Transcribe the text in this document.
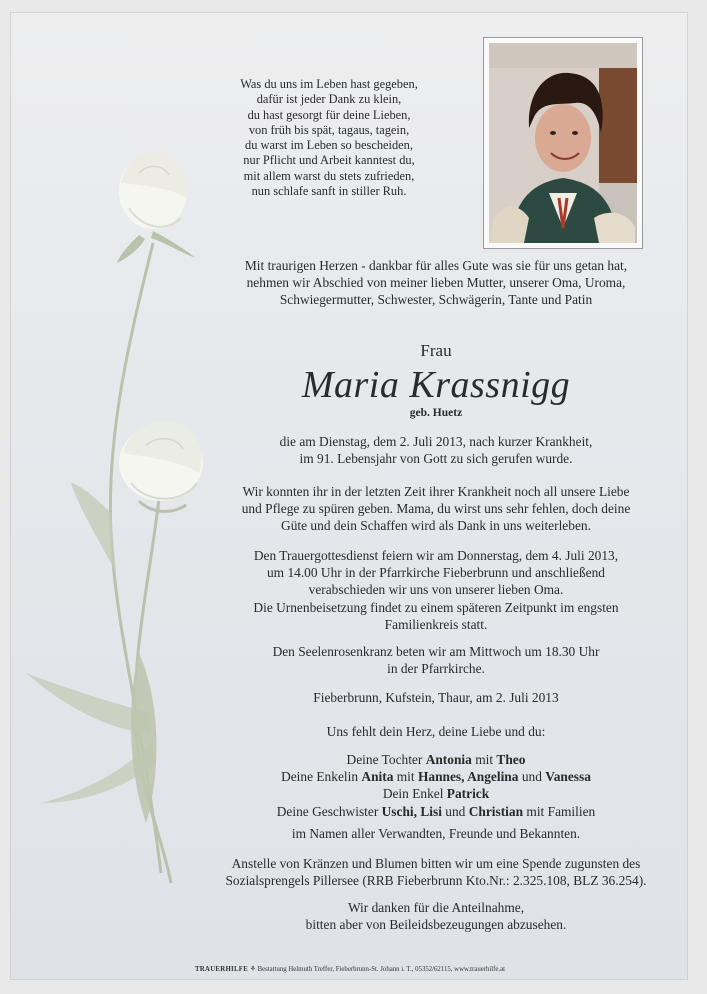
Was du uns im Leben hast gegeben,
dafür ist jeder Dank zu klein,
du hast gesorgt für deine Lieben,
von früh bis spät, tagaus, tagein,
du warst im Leben so bescheiden,
nur Pflicht und Arbeit kanntest du,
mit allem warst du stets zufrieden,
nun schlafe sanft in stiller Ruh.
Mit traurigen Herzen - dankbar für alles Gute was sie für uns getan hat,
nehmen wir Abschied von meiner lieben Mutter, unserer Oma, Uroma,
Schwiegermutter, Schwester, Schwägerin, Tante und Patin
Frau
Maria Krassnigg
geb. Huetz
die am Dienstag, dem 2. Juli 2013, nach kurzer Krankheit,
im 91. Lebensjahr von Gott zu sich gerufen wurde.
Wir konnten ihr in der letzten Zeit ihrer Krankheit noch all unsere Liebe
und Pflege zu spüren geben. Mama, du wirst uns sehr fehlen, doch deine
Güte und dein Schaffen wird als Dank in uns weiterleben.
Den Trauergottesdienst feiern wir am Donnerstag, dem 4. Juli 2013,
um 14.00 Uhr in der Pfarrkirche Fieberbrunn und anschließend
verabschieden wir uns von unserer lieben Oma.
Die Urnenbeisetzung findet zu einem späteren Zeitpunkt im engsten
Familienkreis statt.
Den Seelenrosenkranz beten wir am Mittwoch um 18.30 Uhr
in der Pfarrkirche.
Fieberbrunn, Kufstein, Thaur, am 2. Juli 2013
Uns fehlt dein Herz, deine Liebe und du:
Deine Tochter Antonia mit Theo
Deine Enkelin Anita mit Hannes, Angelina und Vanessa
Dein Enkel Patrick
Deine Geschwister Uschi, Lisi und Christian mit Familien
im Namen aller Verwandten, Freunde und Bekannten.
Anstelle von Kränzen und Blumen bitten wir um eine Spende zugunsten des
Sozialsprengels Pillersee (RRB Fieberbrunn Kto.Nr.: 2.325.108, BLZ 36.254).
Wir danken für die Anteilnahme,
bitten aber von Beileidsbezeugungen abzusehen.
TRAUERHILFE ⚘ Bestattung Helmuth Treffer, Fieberbrunn-St. Johann i. T., 05352/62115, www.trauerhilfe.at
